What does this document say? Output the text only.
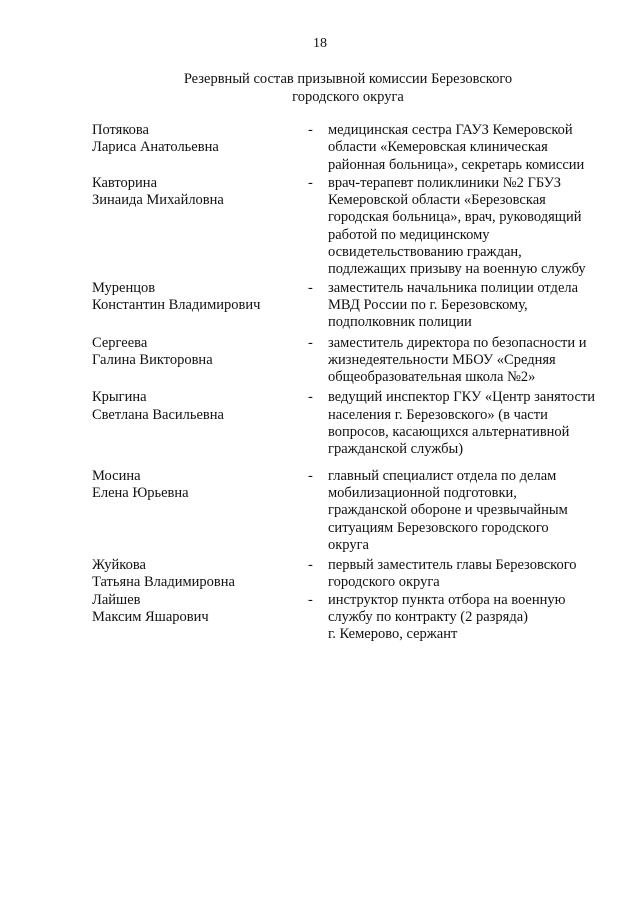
18
Резервный состав призывной комиссии Березовского
городского округа
Потякова
Лариса Анатольевна
-	медицинская сестра ГАУЗ Кемеровской
области «Кемеровская клиническая
районная больница», секретарь комиссии
Кавторина
Зинаида Михайловна
-	врач-терапевт поликлиники №2 ГБУЗ
Кемеровской области «Березовская
городская больница», врач, руководящий
работой по медицинскому
освидетельствованию граждан,
подлежащих призыву на военную службу
Муренцов
Константин Владимирович
-	заместитель начальника полиции отдела
МВД России по г. Березовскому,
подполковник полиции
Сергеева
Галина Викторовна
-	заместитель директора по безопасности и
жизнедеятельности МБОУ «Средняя
общеобразовательная школа №2»
Крыгина
Светлана Васильевна
-	ведущий инспектор ГКУ «Центр занятости
населения г. Березовского» (в части
вопросов, касающихся альтернативной
гражданской службы)
Мосина
Елена Юрьевна
-	главный специалист отдела по делам
мобилизационной подготовки,
гражданской обороне и чрезвычайным
ситуациям Березовского городского
округа
Жуйкова
Татьяна Владимировна
-	первый заместитель главы Березовского
городского округа
Лайшев
Максим Яшарович
-	инструктор пункта отбора на военную
службу по контракту (2 разряда)
г. Кемерово, сержант
